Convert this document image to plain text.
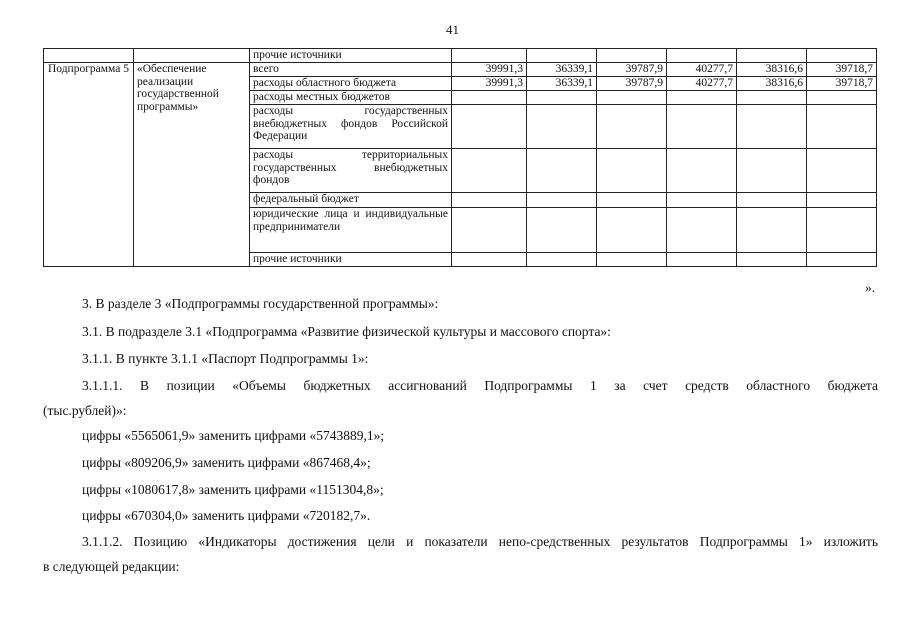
41
		прочие источники						
Подпрограмма 5	«Обеспечение реализации государственной программы»	всего	39991,3	36339,1	39787,9	40277,7	38316,6	39718,7
		расходы областного бюджета	39991,3	36339,1	39787,9	40277,7	38316,6	39718,7
		расходы местных бюджетов						
		расходы государственных внебюджетных фондов Российской Федерации						
		расходы территориальных государственных внебюджетных фондов						
		федеральный бюджет						
		юридические лица и индивидуальные предприниматели						
		прочие источники						
».
3. В разделе 3 «Подпрограммы государственной программы»:
3.1. В подразделе 3.1 «Подпрограмма «Развитие физической культуры и массового спорта»:
3.1.1. В пункте 3.1.1 «Паспорт Подпрограммы 1»:
3.1.1.1. В позиции «Объемы бюджетных ассигнований Подпрограммы 1 за счет средств областного бюджета
(тыс.рублей)»:
цифры «5565061,9» заменить цифрами «5743889,1»;
цифры «809206,9» заменить цифрами «867468,4»;
цифры «1080617,8» заменить цифрами «1151304,8»;
цифры «670304,0» заменить цифрами «720182,7».
3.1.1.2. Позицию «Индикаторы достижения цели и показатели непо-средственных результатов Подпрограммы 1» изложить
в следующей редакции:
